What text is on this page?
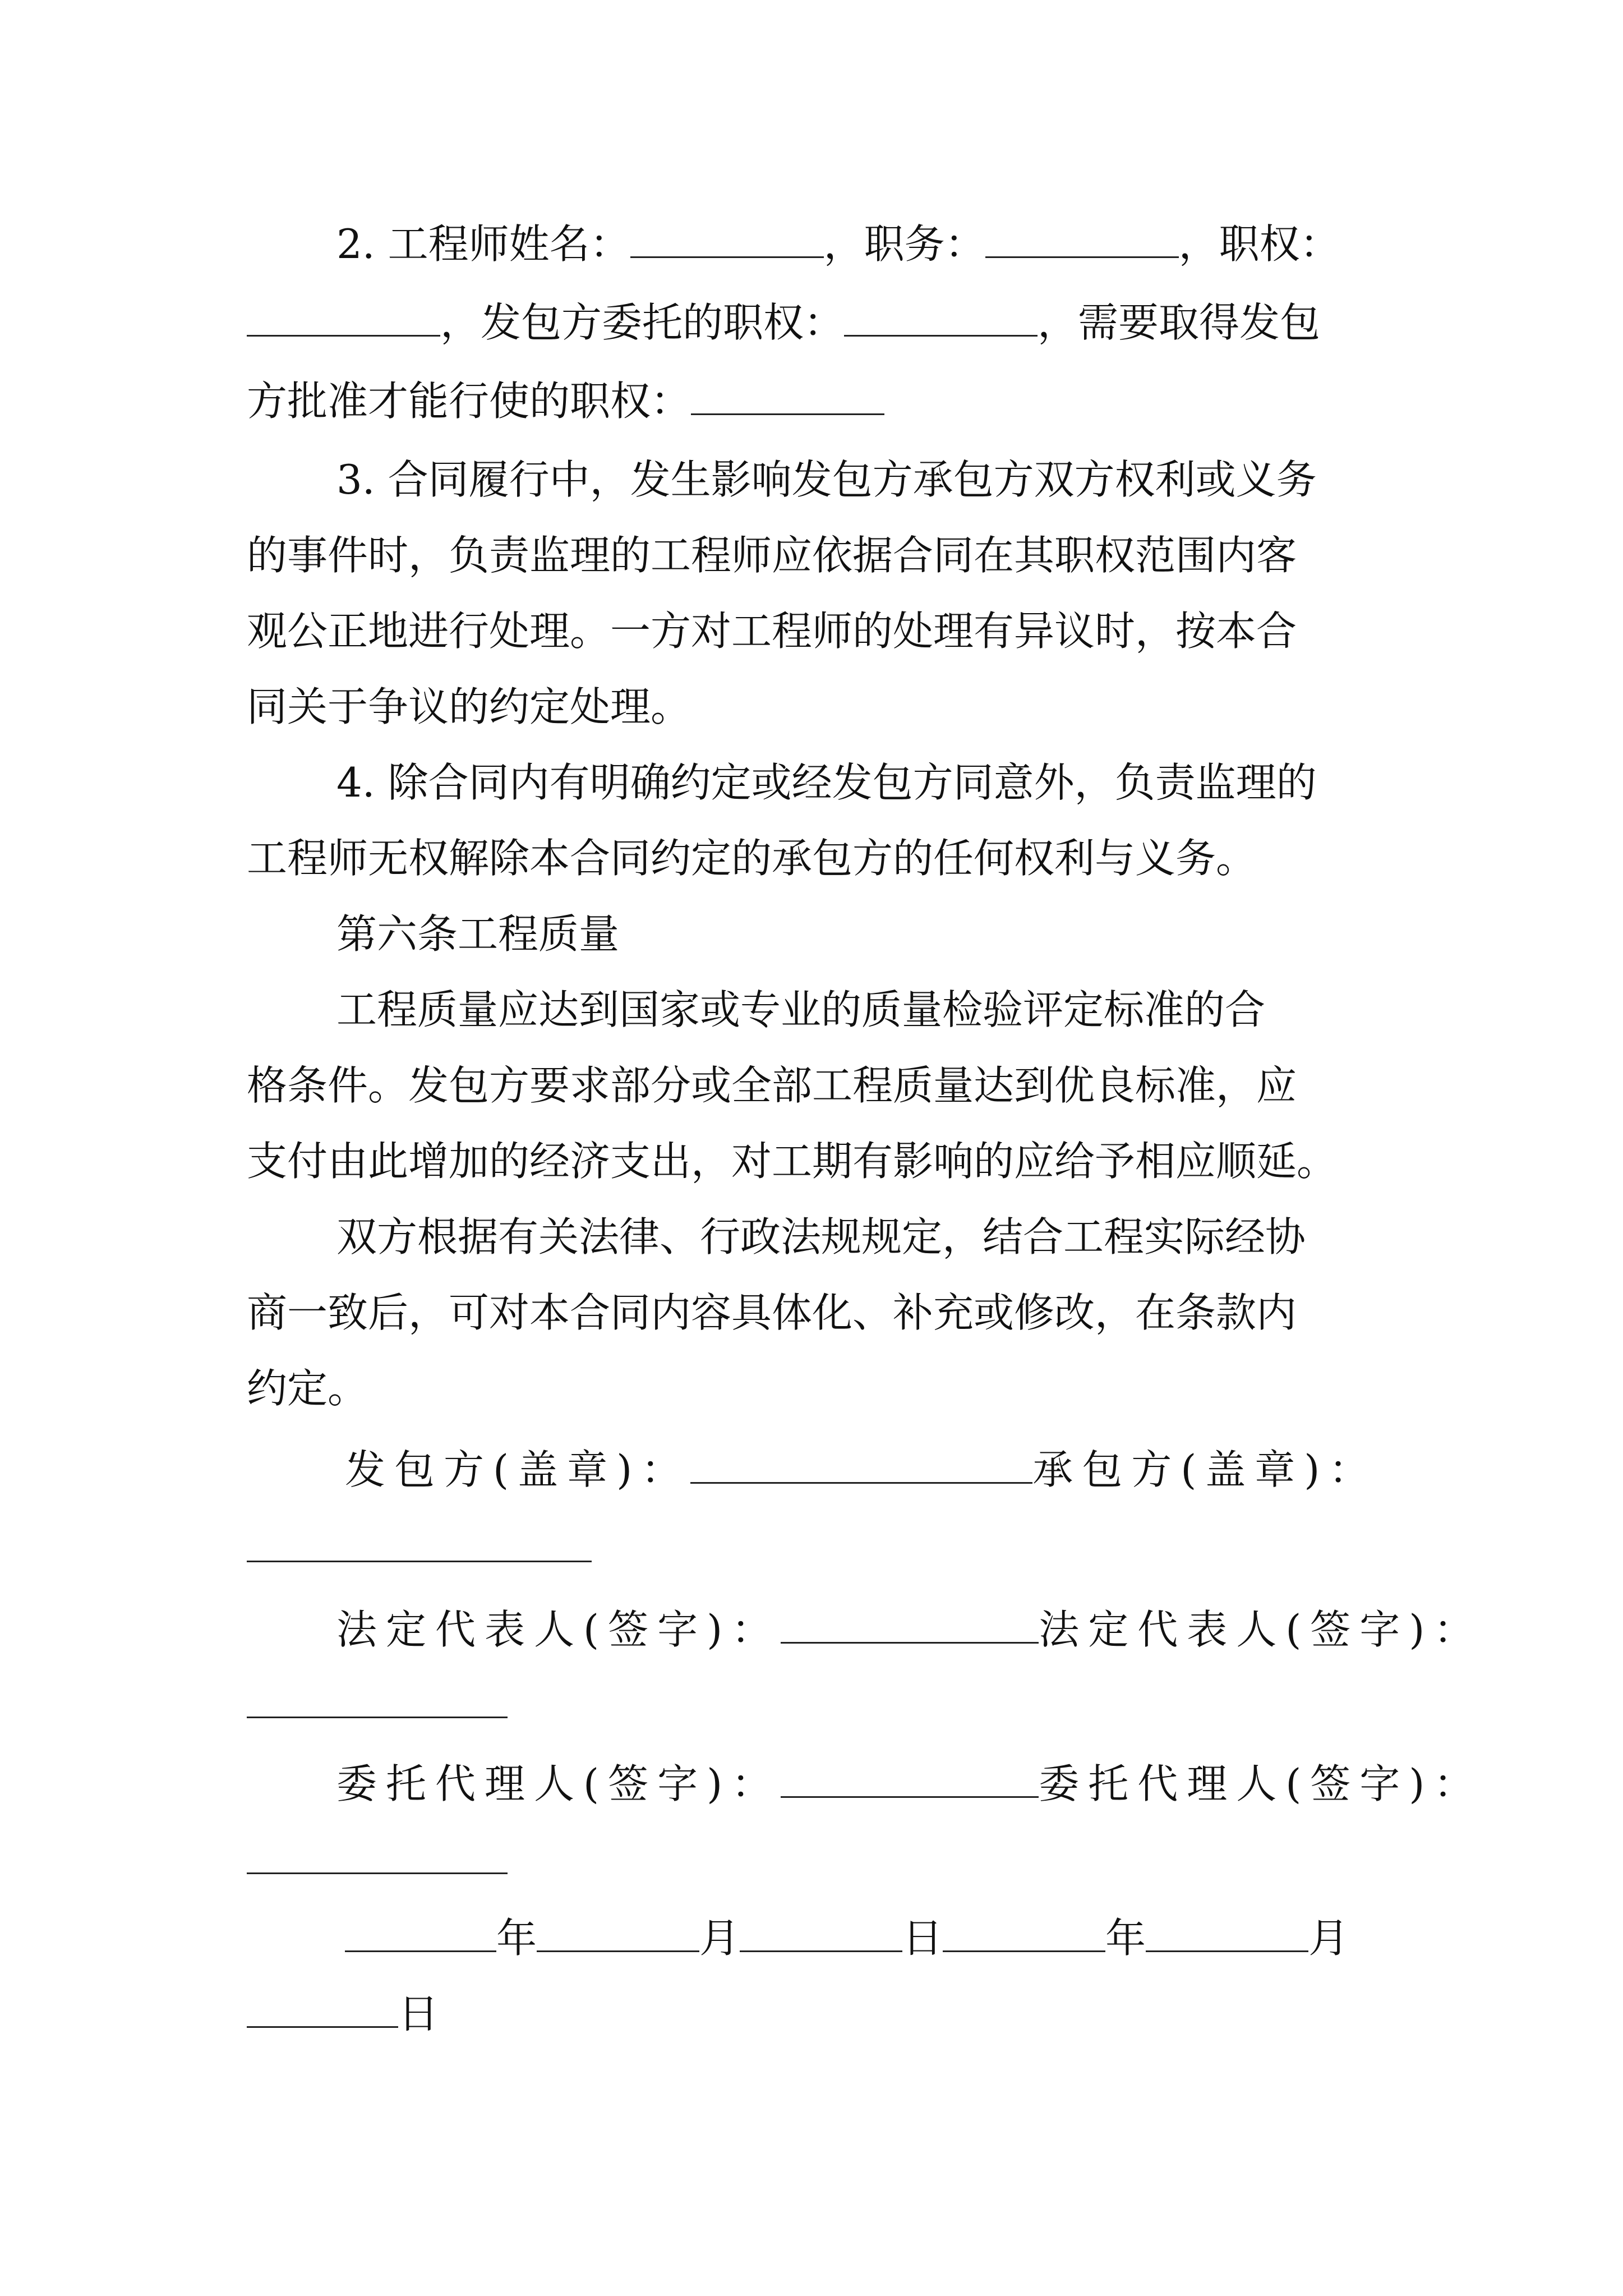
2. 工程师姓名：	，职务：	，职权：
，发包方委托的职权：	，需要取得发包
方批准才能行使的职权：
3. 合同履行中，发生影响发包方承包方双方权利或义务
的事件时，负责监理的工程师应依据合同在其职权范围内客
观公正地进行处理。一方对工程师的处理有异议时，按本合
同关于争议的约定处理。
4. 除合同内有明确约定或经发包方同意外，负责监理的
工程师无权解除本合同约定的承包方的任何权利与义务。
第六条工程质量
工程质量应达到国家或专业的质量检验评定标准的合
格条件。发包方要求部分或全部工程质量达到优良标准，应
支付由此增加的经济支出，对工期有影响的应给予相应顺延。
双方根据有关法律、行政法规规定，结合工程实际经协
商一致后，可对本合同内容具体化、补充或修改，在条款内
约定。
发包方(盖章)：	承包方(盖章)：
法定代表人(签字)：	法定代表人(签字)：
委托代理人(签字)：	委托代理人(签字)：
年	月	日	年	月
日
